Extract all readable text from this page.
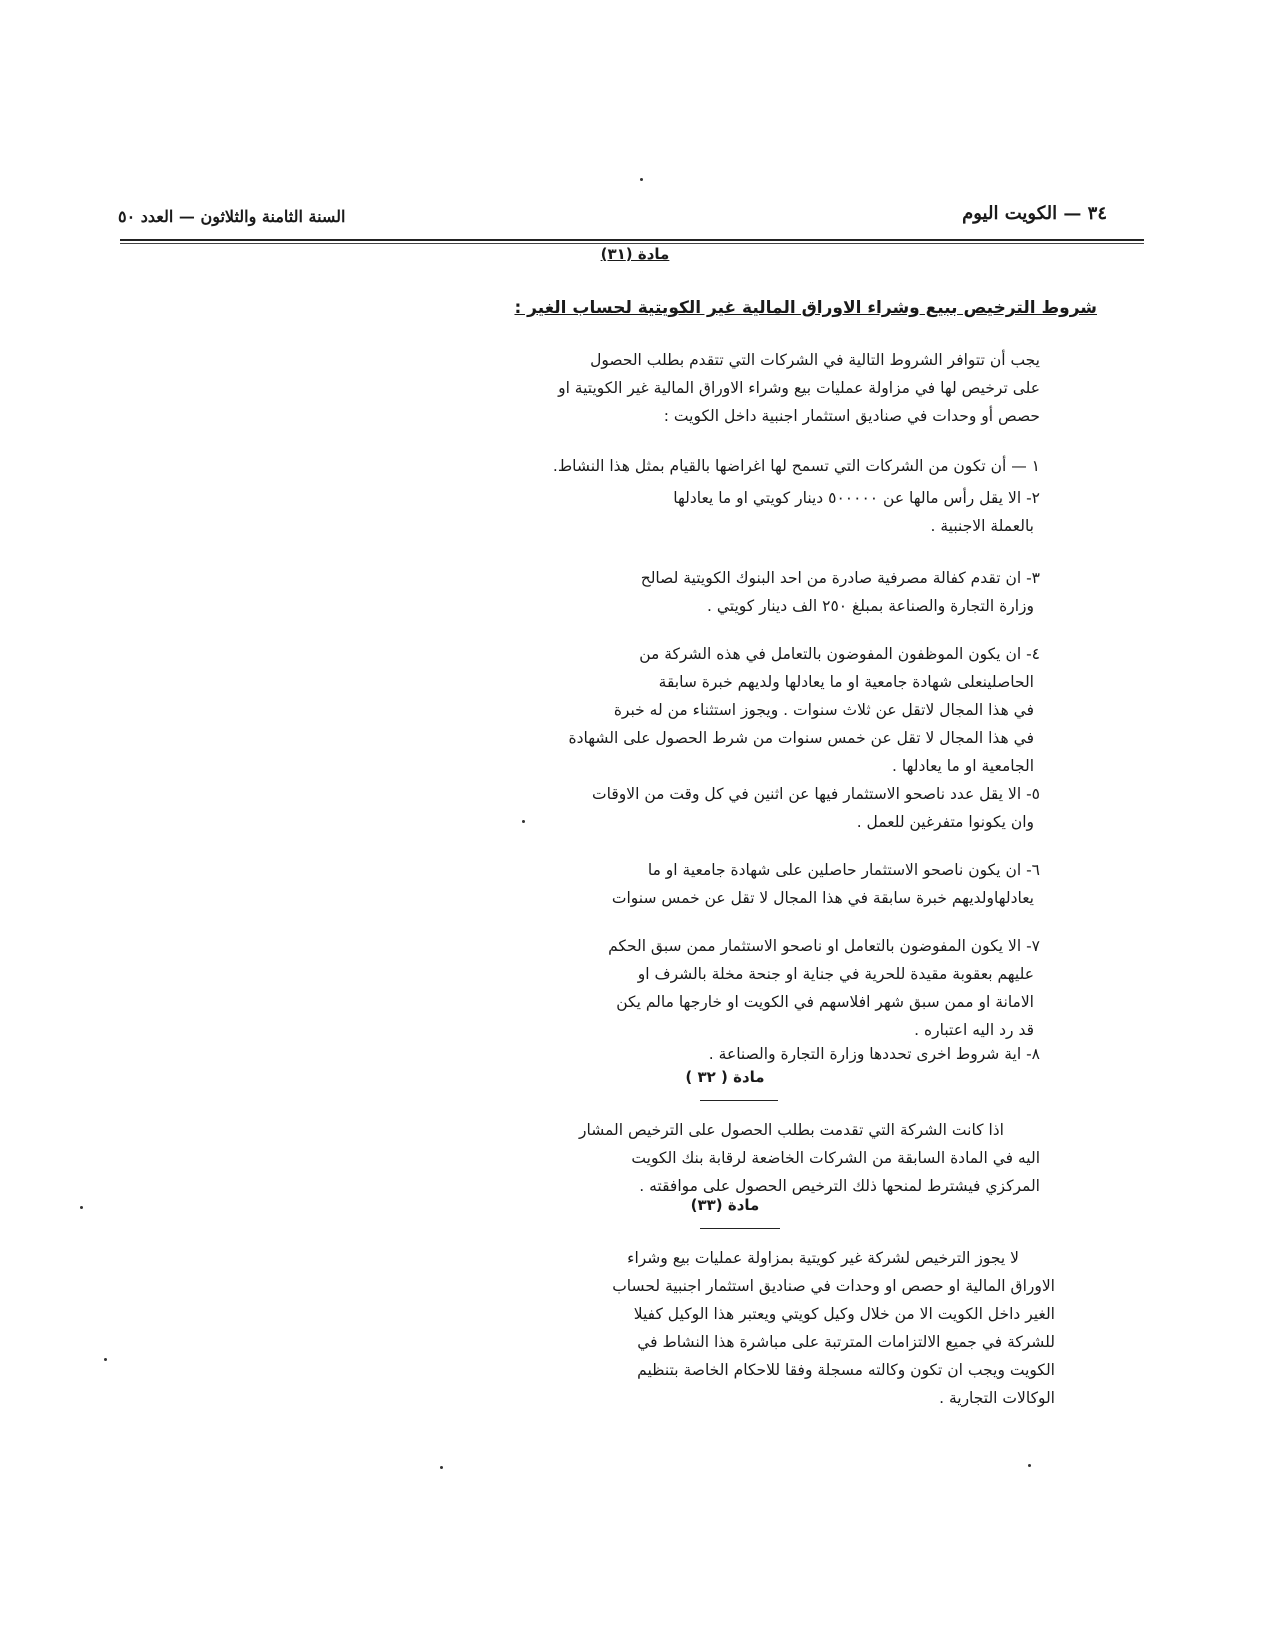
السنة الثامنة والثلاثون — العدد ٥٠	٣٤ — الكويت اليوم
مادة (٣١)
شروط الترخيص ببيع وشراء الاوراق المالية غير الكويتية لحساب الغير :
يجب أن تتوافر الشروط التالية في الشركات التي تتقدم بطلب الحصول
على ترخيص لها في مزاولة عمليات بيع وشراء الاوراق المالية غير الكويتية او
حصص أو وحدات في صناديق استثمار اجنبية داخل الكويت :
١ — أن تكون من الشركات التي تسمح لها اغراضها بالقيام بمثل هذا النشاط.
٢- الا يقل رأس مالها عن ٥٠٠٠٠٠ دينار كويتي او ما يعادلها
بالعملة الاجنبية .
٣- ان تقدم كفالة مصرفية صادرة من احد البنوك الكويتية لصالح
وزارة التجارة والصناعة بمبلغ ٢٥٠ الف دينار كويتي .
٤- ان يكون الموظفون المفوضون بالتعامل في هذه الشركة من
الحاصلينعلى شهادة جامعية او ما يعادلها ولديهم خبرة سابقة
في هذا المجال لاتقل عن ثلاث سنوات . ويجوز استثناء من له خبرة
في هذا المجال لا تقل عن خمس سنوات من شرط الحصول على الشهادة
الجامعية او ما يعادلها .
٥- الا يقل عدد ناصحو الاستثمار فيها عن اثنين في كل وقت من الاوقات
وان يكونوا متفرغين للعمل .
٦- ان يكون ناصحو الاستثمار حاصلين على شهادة جامعية او ما
يعادلهاولديهم خبرة سابقة في هذا المجال لا تقل عن خمس سنوات
٧- الا يكون المفوضون بالتعامل او ناصحو الاستثمار ممن سبق الحكم
عليهم بعقوبة مقيدة للحرية في جناية او جنحة مخلة بالشرف او
الامانة او ممن سبق شهر افلاسهم في الكويت او خارجها مالم يكن
قد رد اليه اعتباره .
٨- اية شروط اخرى تحددها وزارة التجارة والصناعة .
مادة ( ٣٢ )
اذا كانت الشركة التي تقدمت بطلب الحصول على الترخيص المشار
اليه في المادة السابقة من الشركات الخاضعة لرقابة بنك الكويت
المركزي فيشترط لمنحها ذلك الترخيص الحصول على موافقته .
مادة (٣٣)
لا يجوز الترخيص لشركة غير كويتية بمزاولة عمليات بيع وشراء
الاوراق المالية او حصص او وحدات في صناديق استثمار اجنبية لحساب
الغير داخل الكويت الا من خلال وكيل كويتي ويعتبر هذا الوكيل كفيلا
للشركة في جميع الالتزامات المترتبة على مباشرة هذا النشاط في
الكويت ويجب ان تكون وكالته مسجلة وفقا للاحكام الخاصة بتنظيم
الوكالات التجارية .
